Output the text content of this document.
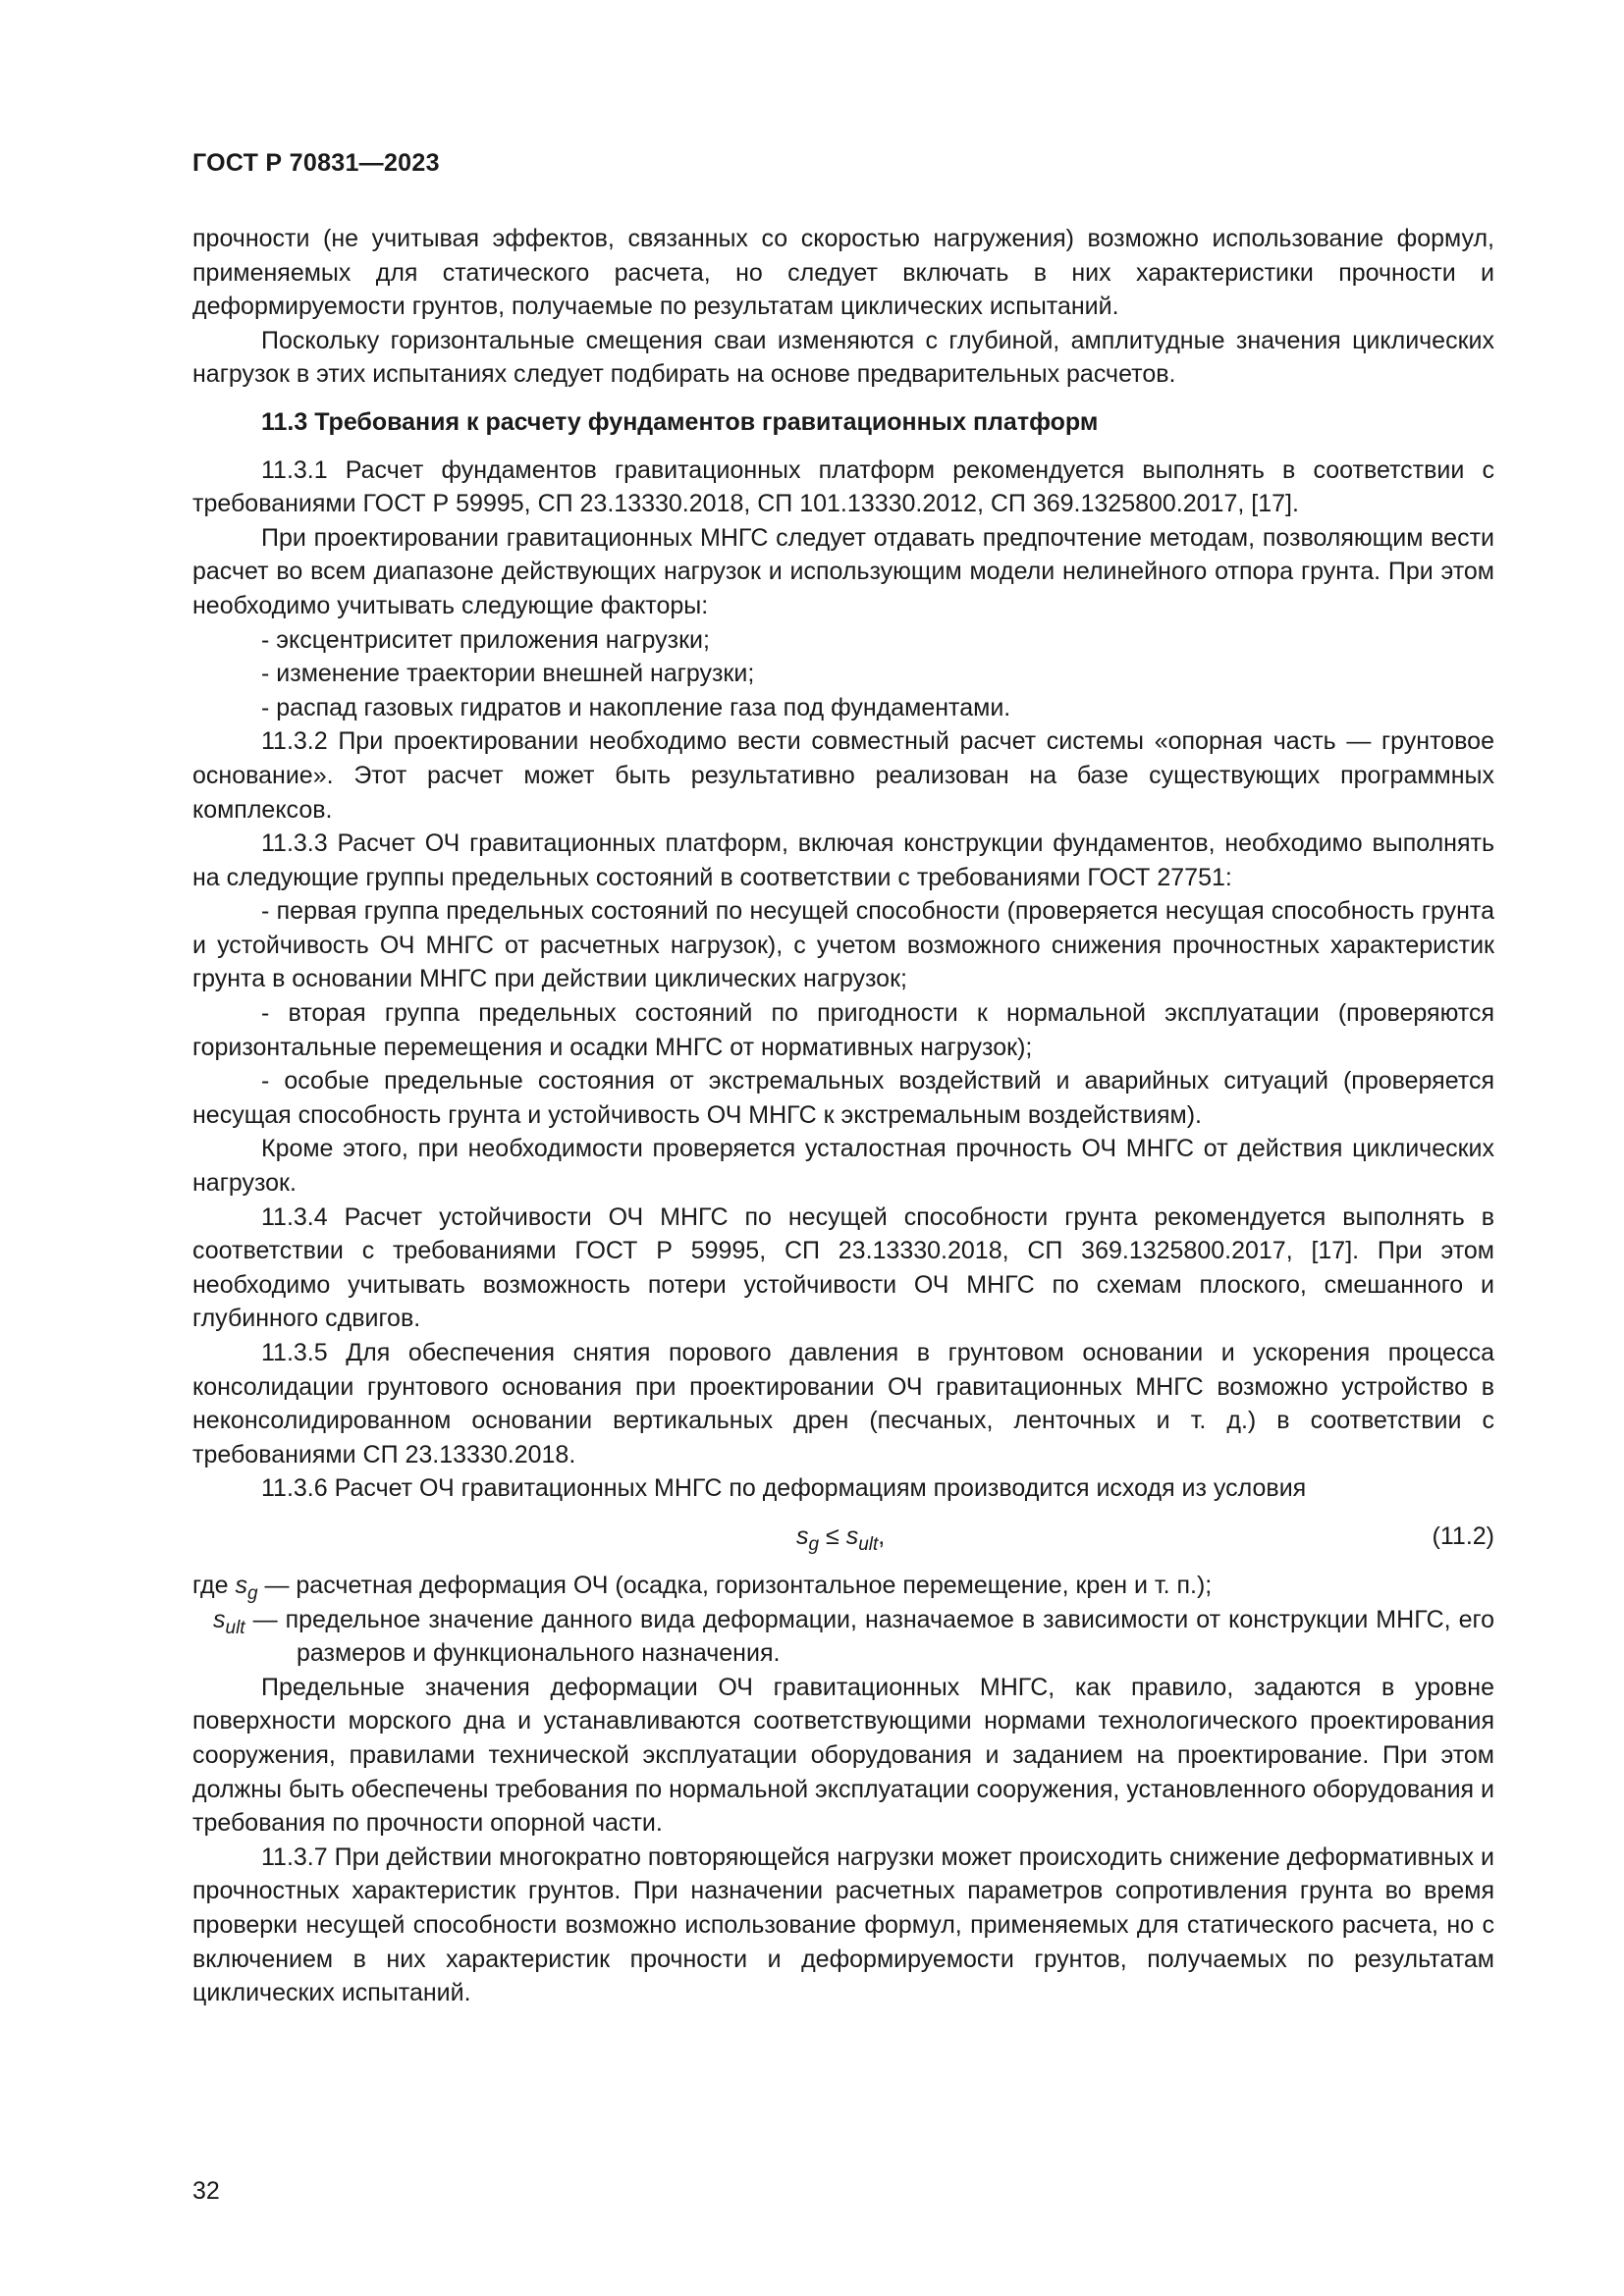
ГОСТ Р 70831—2023

прочности (не учитывая эффектов, связанных со скоростью нагружения) возможно использование формул, применяемых для статического расчета, но следует включать в них характеристики прочности и деформируемости грунтов, получаемые по результатам циклических испытаний.

Поскольку горизонтальные смещения сваи изменяются с глубиной, амплитудные значения циклических нагрузок в этих испытаниях следует подбирать на основе предварительных расчетов.

11.3 Требования к расчету фундаментов гравитационных платформ

11.3.1 Расчет фундаментов гравитационных платформ рекомендуется выполнять в соответствии с требованиями ГОСТ Р 59995, СП 23.13330.2018, СП 101.13330.2012, СП 369.1325800.2017, [17].

При проектировании гравитационных МНГС следует отдавать предпочтение методам, позволяющим вести расчет во всем диапазоне действующих нагрузок и использующим модели нелинейного отпора грунта. При этом необходимо учитывать следующие факторы:

- эксцентриситет приложения нагрузки;

- изменение траектории внешней нагрузки;

- распад газовых гидратов и накопление газа под фундаментами.

11.3.2 При проектировании необходимо вести совместный расчет системы «опорная часть — грунтовое основание». Этот расчет может быть результативно реализован на базе существующих программных комплексов.

11.3.3 Расчет ОЧ гравитационных платформ, включая конструкции фундаментов, необходимо выполнять на следующие группы предельных состояний в соответствии с требованиями ГОСТ 27751:

- первая группа предельных состояний по несущей способности (проверяется несущая способность грунта и устойчивость ОЧ МНГС от расчетных нагрузок), с учетом возможного снижения прочностных характеристик грунта в основании МНГС при действии циклических нагрузок;

- вторая группа предельных состояний по пригодности к нормальной эксплуатации (проверяются горизонтальные перемещения и осадки МНГС от нормативных нагрузок);

- особые предельные состояния от экстремальных воздействий и аварийных ситуаций (проверяется несущая способность грунта и устойчивость ОЧ МНГС к экстремальным воздействиям).

Кроме этого, при необходимости проверяется усталостная прочность ОЧ МНГС от действия циклических нагрузок.

11.3.4 Расчет устойчивости ОЧ МНГС по несущей способности грунта рекомендуется выполнять в соответствии с требованиями ГОСТ Р 59995, СП 23.13330.2018, СП 369.1325800.2017, [17]. При этом необходимо учитывать возможность потери устойчивости ОЧ МНГС по схемам плоского, смешанного и глубинного сдвигов.

11.3.5 Для обеспечения снятия порового давления в грунтовом основании и ускорения процесса консолидации грунтового основания при проектировании ОЧ гравитационных МНГС возможно устройство в неконсолидированном основании вертикальных дрен (песчаных, ленточных и т. д.) в соответствии с требованиями СП 23.13330.2018.

11.3.6 Расчет ОЧ гравитационных МНГС по деформациям производится исходя из условия

$s_g \le s_{ult}$,	(11.2)

где $s_g$ — расчетная деформация ОЧ (осадка, горизонтальное перемещение, крен и т. п.);

$s_{ult}$ — предельное значение данного вида деформации, назначаемое в зависимости от конструкции МНГС, его размеров и функционального назначения.

Предельные значения деформации ОЧ гравитационных МНГС, как правило, задаются в уровне поверхности морского дна и устанавливаются соответствующими нормами технологического проектирования сооружения, правилами технической эксплуатации оборудования и заданием на проектирование. При этом должны быть обеспечены требования по нормальной эксплуатации сооружения, установленного оборудования и требования по прочности опорной части.

11.3.7 При действии многократно повторяющейся нагрузки может происходить снижение деформативных и прочностных характеристик грунтов. При назначении расчетных параметров сопротивления грунта во время проверки несущей способности возможно использование формул, применяемых для статического расчета, но с включением в них характеристик прочности и деформируемости грунтов, получаемых по результатам циклических испытаний.

32
